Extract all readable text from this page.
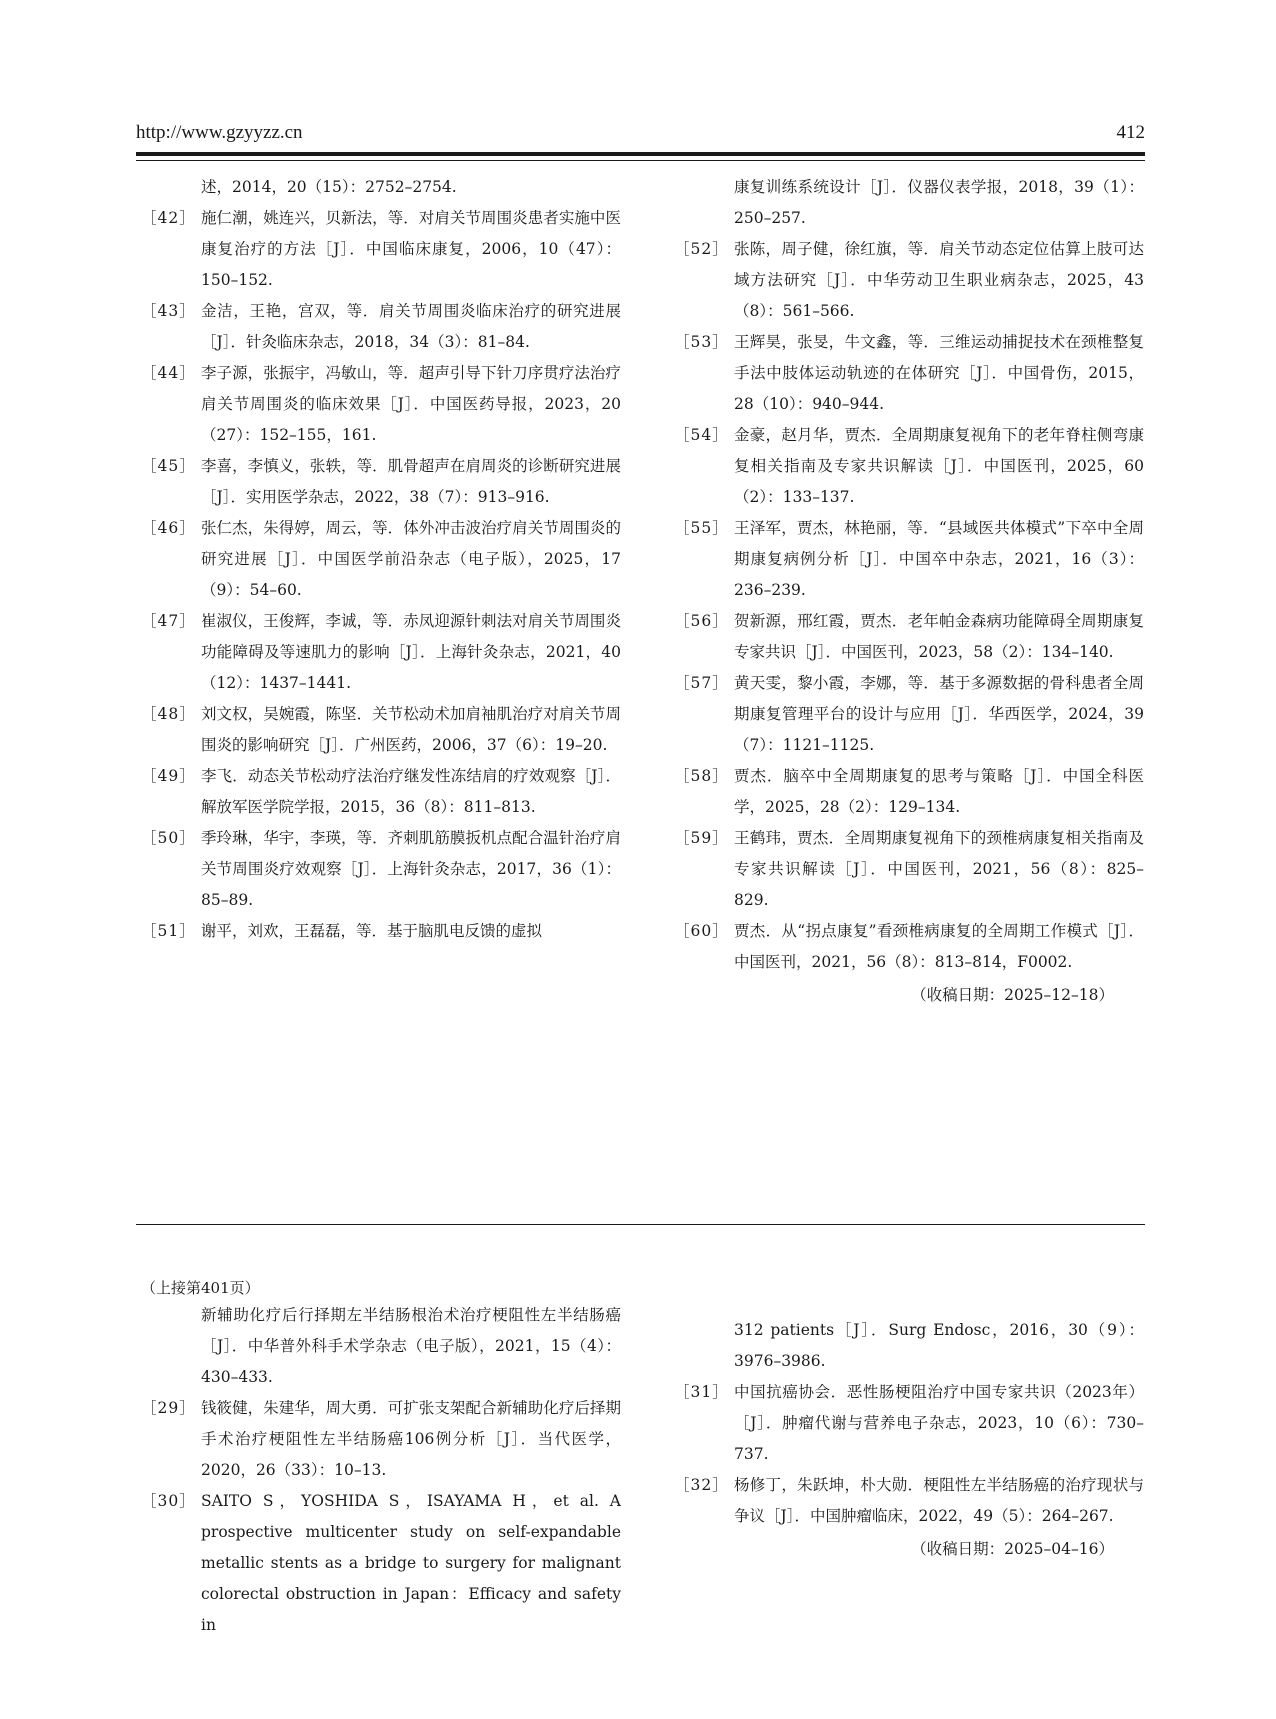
http://www.gzyyzz.cn	412
述，2014，20（15）：2752–2754.
［42］ 施仁潮，姚连兴，贝新法，等．对肩关节周围炎患者实施中医康复治疗的方法［J］．中国临床康复，2006，10（47）：150–152.
［43］ 金洁，王艳，宫双，等．肩关节周围炎临床治疗的研究进展［J］．针灸临床杂志，2018，34（3）：81–84.
［44］ 李子源，张振宇，冯敏山，等．超声引导下针刀序贯疗法治疗肩关节周围炎的临床效果［J］．中国医药导报，2023，20（27）：152–155，161.
［45］ 李喜，李慎义，张轶，等．肌骨超声在肩周炎的诊断研究进展［J］．实用医学杂志，2022，38（7）：913–916.
［46］ 张仁杰，朱得婷，周云，等．体外冲击波治疗肩关节周围炎的研究进展［J］．中国医学前沿杂志（电子版），2025，17（9）：54–60.
［47］ 崔淑仪，王俊辉，李诚，等．赤凤迎源针刺法对肩关节周围炎功能障碍及等速肌力的影响［J］．上海针灸杂志，2021，40（12）：1437–1441.
［48］ 刘文权，吴婉霞，陈坚．关节松动术加肩袖肌治疗对肩关节周围炎的影响研究［J］．广州医药，2006，37（6）：19–20.
［49］ 李飞．动态关节松动疗法治疗继发性冻结肩的疗效观察［J］．解放军医学院学报，2015，36（8）：811–813.
［50］ 季玲琳，华宇，李瑛，等．齐刺肌筋膜扳机点配合温针治疗肩关节周围炎疗效观察［J］．上海针灸杂志，2017，36（1）：85–89.
［51］ 谢平，刘欢，王磊磊，等．基于脑肌电反馈的虚拟
康复训练系统设计［J］．仪器仪表学报，2018，39（1）：250–257.
［52］ 张陈，周子健，徐红旗，等．肩关节动态定位估算上肢可达域方法研究［J］．中华劳动卫生职业病杂志，2025，43（8）：561–566.
［53］ 王辉昊，张旻，牛文鑫，等．三维运动捕捉技术在颈椎整复手法中肢体运动轨迹的在体研究［J］．中国骨伤，2015，28（10）：940–944.
［54］ 金豪，赵月华，贾杰．全周期康复视角下的老年脊柱侧弯康复相关指南及专家共识解读［J］．中国医刊，2025，60（2）：133–137.
［55］ 王泽军，贾杰，林艳丽，等．“县域医共体模式”下卒中全周期康复病例分析［J］．中国卒中杂志，2021，16（3）：236–239.
［56］ 贺新源，邢红霞，贾杰．老年帕金森病功能障碍全周期康复专家共识［J］．中国医刊，2023，58（2）：134–140.
［57］ 黄天雯，黎小霞，李娜，等．基于多源数据的骨科患者全周期康复管理平台的设计与应用［J］．华西医学，2024，39（7）：1121–1125.
［58］ 贾杰．脑卒中全周期康复的思考与策略［J］．中国全科医学，2025，28（2）：129–134.
［59］ 王鹤玮，贾杰．全周期康复视角下的颈椎病康复相关指南及专家共识解读［J］．中国医刊，2021，56（8）：825–829.
［60］ 贾杰．从“拐点康复”看颈椎病康复的全周期工作模式［J］．中国医刊，2021，56（8）：813–814，F0002.
（收稿日期：2025–12–18）
（上接第401页）
新辅助化疗后行择期左半结肠根治术治疗梗阻性左半结肠癌［J］．中华普外科手术学杂志（电子版），2021，15（4）：430–433.
［29］ 钱筱健，朱建华，周大勇．可扩张支架配合新辅助化疗后择期手术治疗梗阻性左半结肠癌106例分析［J］．当代医学，2020，26（33）：10–13.
［30］ SAITO S，YOSHIDA S，ISAYAMA H，et al. A prospective multicenter study on self-expandable metallic stents as a bridge to surgery for malignant colorectal obstruction in Japan：Efficacy and safety in
312 patients［J］．Surg Endosc，2016，30（9）：3976–3986.
［31］ 中国抗癌协会．恶性肠梗阻治疗中国专家共识（2023年）［J］．肿瘤代谢与营养电子杂志，2023，10（6）：730–737.
［32］ 杨修丁，朱跃坤，朴大勋．梗阻性左半结肠癌的治疗现状与争议［J］．中国肿瘤临床，2022，49（5）：264–267.
（收稿日期：2025–04–16）
